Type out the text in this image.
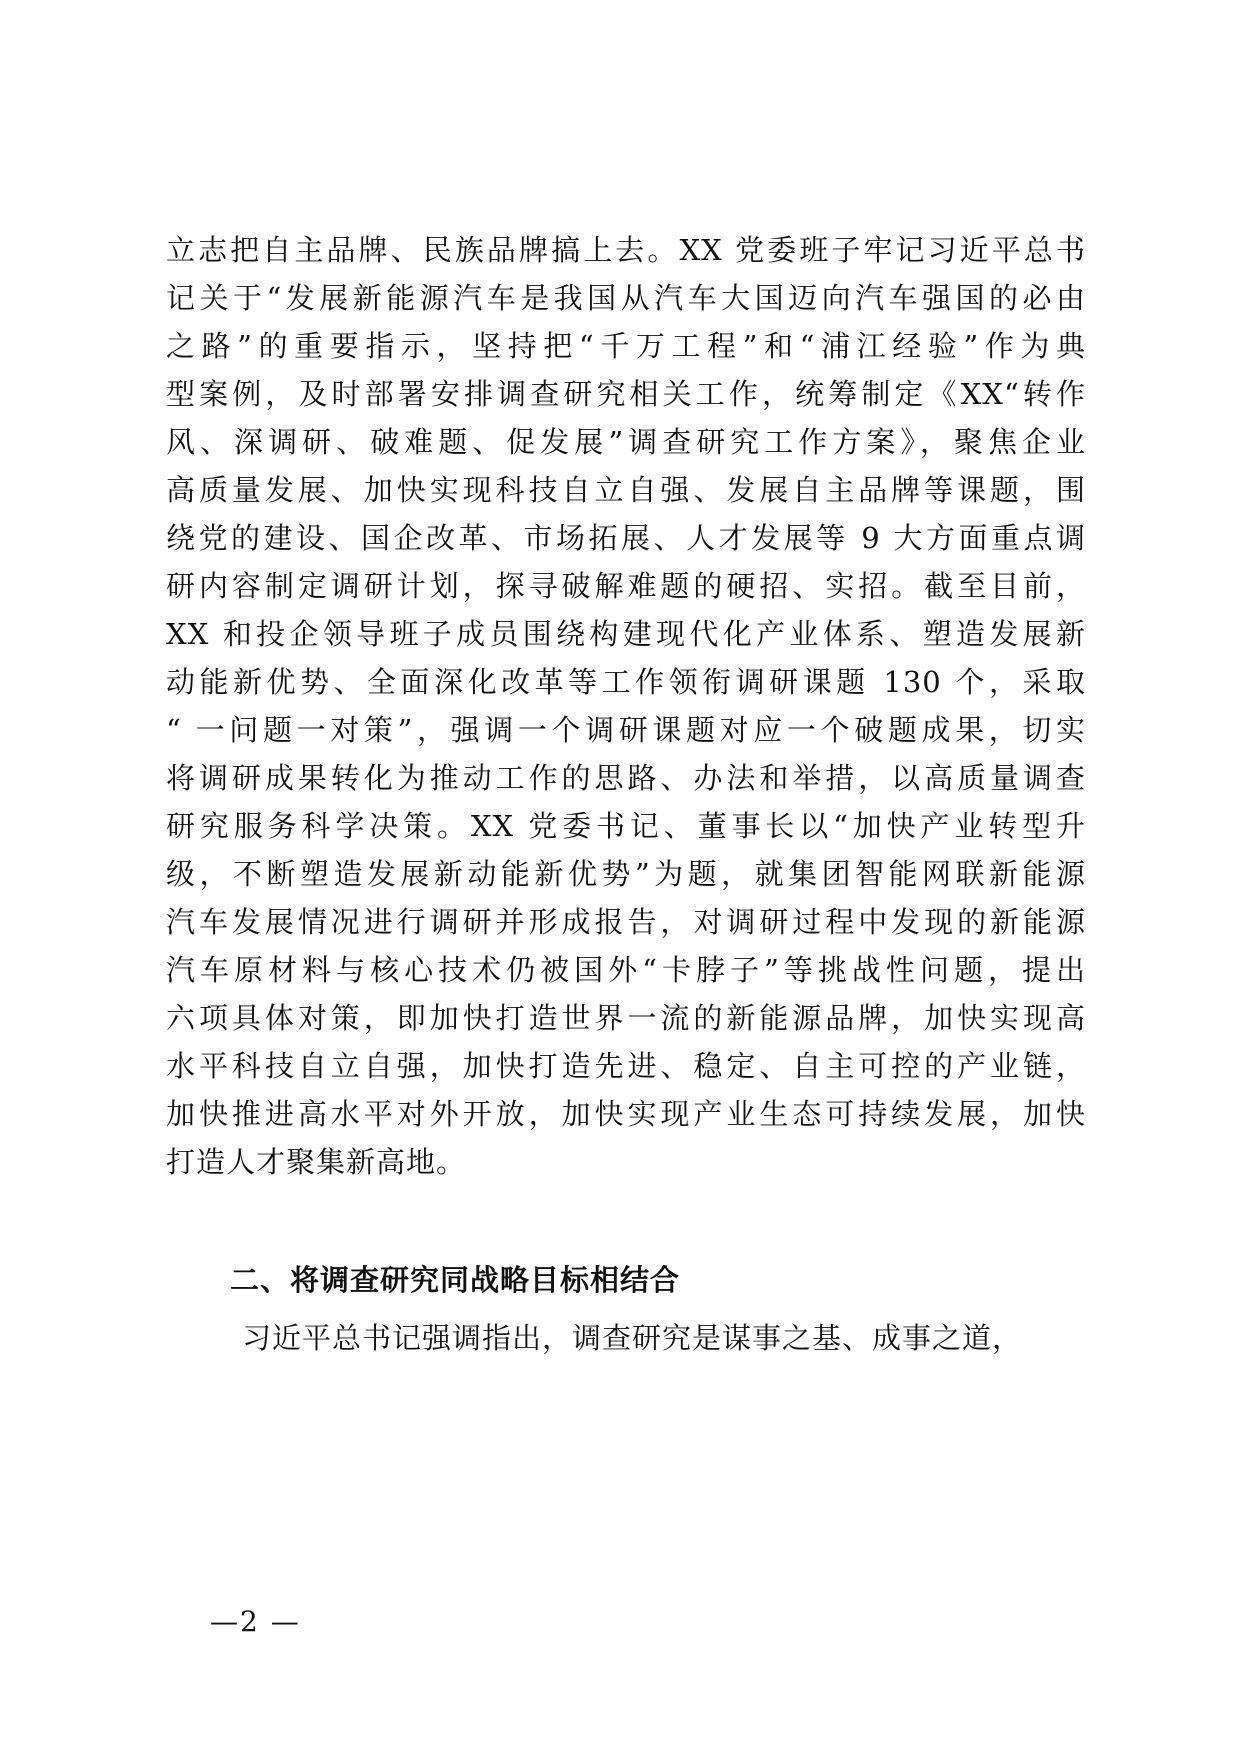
立志把自主品牌、民族品牌搞上去。XX 党委班子牢记习近平总书
记关于“发展新能源汽车是我国从汽车大国迈向汽车强国的必由
之路”的重要指示，坚持把“千万工程”和“浦江经验”作为典
型案例，及时部署安排调查研究相关工作，统筹制定《XX“转作
风、深调研、破难题、促发展”调查研究工作方案》，聚焦企业
高质量发展、加快实现科技自立自强、发展自主品牌等课题，围
绕党的建设、国企改革、市场拓展、人才发展等 9 大方面重点调
研内容制定调研计划，探寻破解难题的硬招、实招。截至目前，
XX 和投企领导班子成员围绕构建现代化产业体系、塑造发展新
动能新优势、全面深化改革等工作领衔调研课题 130 个，采取
“ 一问题一对策”，强调一个调研课题对应一个破题成果，切实
将调研成果转化为推动工作的思路、办法和举措，以高质量调查
研究服务科学决策。XX 党委书记、董事长以“加快产业转型升
级，不断塑造发展新动能新优势”为题，就集团智能网联新能源
汽车发展情况进行调研并形成报告，对调研过程中发现的新能源
汽车原材料与核心技术仍被国外“卡脖子”等挑战性问题，提出
六项具体对策，即加快打造世界一流的新能源品牌，加快实现高
水平科技自立自强，加快打造先进、稳定、自主可控的产业链，
加快推进高水平对外开放，加快实现产业生态可持续发展，加快
打造人才聚集新高地。
二、将调查研究同战略目标相结合
习近平总书记强调指出，调查研究是谋事之基、成事之道，
—2 —
